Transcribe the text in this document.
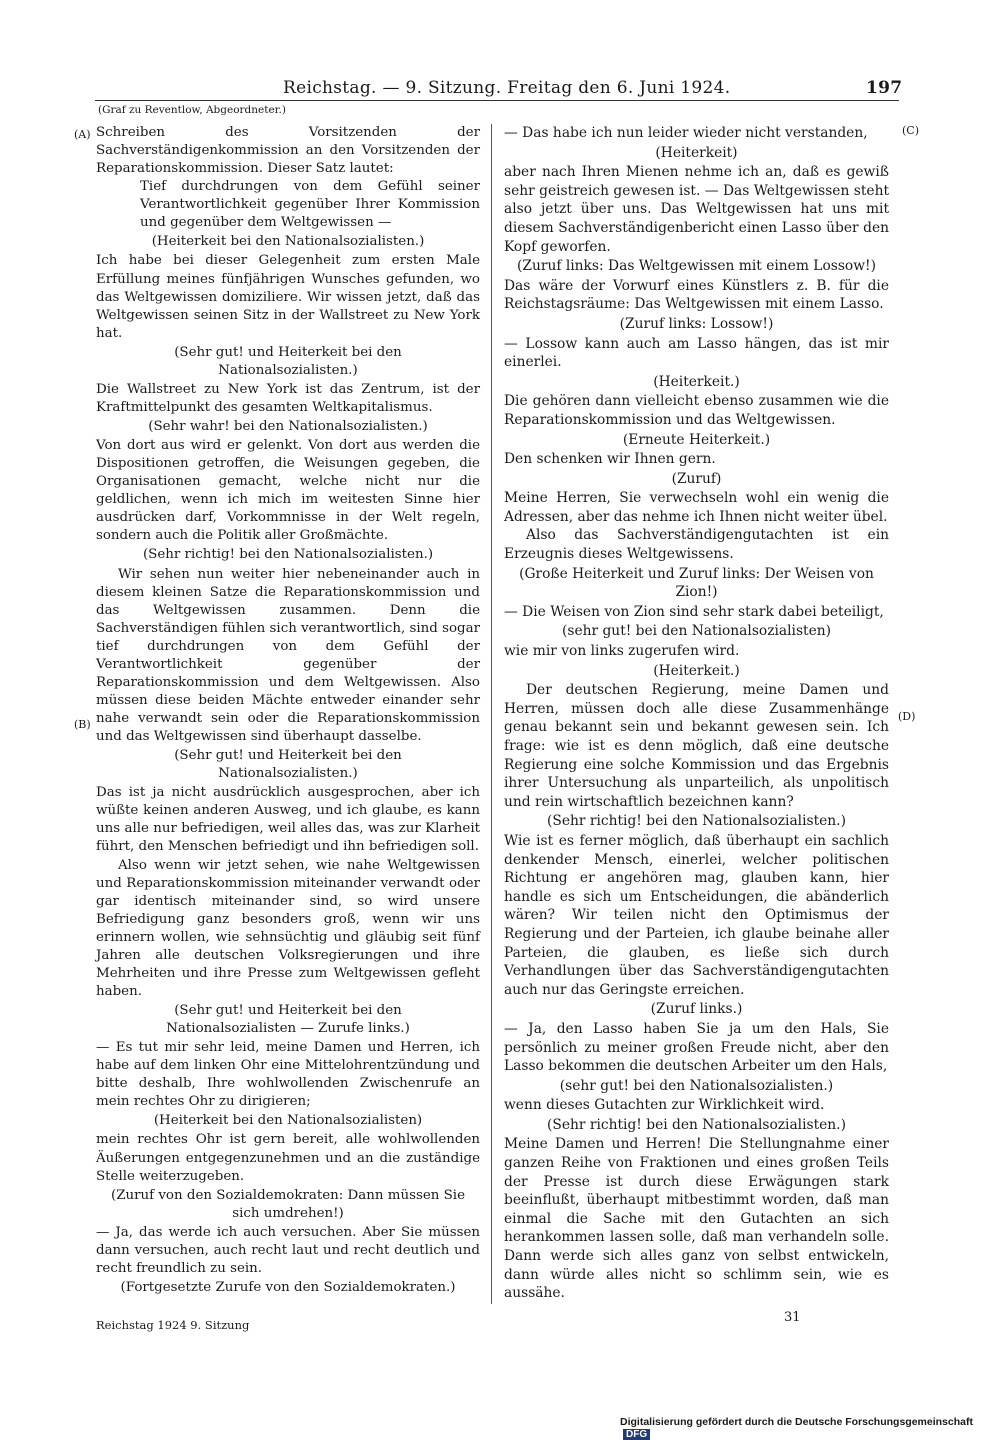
Reichstag. — 9. Sitzung. Freitag den 6. Juni 1924.	197
(Graf zu Reventlow, Abgeordneter.)
(A)
(B)
(C)
(D)

Schreiben des Vorsitzenden der Sachverständigenkommission an den Vorsitzenden der Reparationskommission. Dieser Satz lautet:

Tief durchdrungen von dem Gefühl seiner Verantwortlichkeit gegenüber Ihrer Kommission und gegenüber dem Weltgewissen —

(Heiterkeit bei den Nationalsozialisten.)

Ich habe bei dieser Gelegenheit zum ersten Male Erfüllung meines fünfjährigen Wunsches gefunden, wo das Weltgewissen domiziliere. Wir wissen jetzt, daß das Weltgewissen seinen Sitz in der Wallstreet zu New York hat.

(Sehr gut! und Heiterkeit bei den Nationalsozialisten.)

Die Wallstreet zu New York ist das Zentrum, ist der Kraftmittelpunkt des gesamten Weltkapitalismus.

(Sehr wahr! bei den Nationalsozialisten.)

Von dort aus wird er gelenkt. Von dort aus werden die Dispositionen getroffen, die Weisungen gegeben, die Organisationen gemacht, welche nicht nur die geldlichen, wenn ich mich im weitesten Sinne hier ausdrücken darf, Vorkommnisse in der Welt regeln, sondern auch die Politik aller Großmächte.

(Sehr richtig! bei den Nationalsozialisten.)

Wir sehen nun weiter hier nebeneinander auch in diesem kleinen Satze die Reparationskommission und das Weltgewissen zusammen. Denn die Sachverständigen fühlen sich verantwortlich, sind sogar tief durchdrungen von dem Gefühl der Verantwortlichkeit gegenüber der Reparationskommission und dem Weltgewissen. Also müssen diese beiden Mächte entweder einander sehr nahe verwandt sein oder die Reparationskommission und das Weltgewissen sind überhaupt dasselbe.

(Sehr gut! und Heiterkeit bei den Nationalsozialisten.)

Das ist ja nicht ausdrücklich ausgesprochen, aber ich wüßte keinen anderen Ausweg, und ich glaube, es kann uns alle nur befriedigen, weil alles das, was zur Klarheit führt, den Menschen befriedigt und ihn befriedigen soll.

Also wenn wir jetzt sehen, wie nahe Weltgewissen und Reparationskommission miteinander verwandt oder gar identisch miteinander sind, so wird unsere Befriedigung ganz besonders groß, wenn wir uns erinnern wollen, wie sehnsüchtig und gläubig seit fünf Jahren alle deutschen Volksregierungen und ihre Mehrheiten und ihre Presse zum Weltgewissen gefleht haben.

(Sehr gut! und Heiterkeit bei den Nationalsozialisten — Zurufe links.)

— Es tut mir sehr leid, meine Damen und Herren, ich habe auf dem linken Ohr eine Mittelohrentzündung und bitte deshalb, Ihre wohlwollenden Zwischenrufe an mein rechtes Ohr zu dirigieren;

(Heiterkeit bei den Nationalsozialisten)

mein rechtes Ohr ist gern bereit, alle wohlwollenden Äußerungen entgegenzunehmen und an die zuständige Stelle weiterzugeben.

(Zuruf von den Sozialdemokraten: Dann müssen Sie sich umdrehen!)

— Ja, das werde ich auch versuchen. Aber Sie müssen dann versuchen, auch recht laut und recht deutlich und recht freundlich zu sein.

(Fortgesetzte Zurufe von den Sozialdemokraten.)

— Das habe ich nun leider wieder nicht verstanden,

(Heiterkeit)

aber nach Ihren Mienen nehme ich an, daß es gewiß sehr geistreich gewesen ist. — Das Weltgewissen steht also jetzt über uns. Das Weltgewissen hat uns mit diesem Sachverständigenbericht einen Lasso über den Kopf geworfen.

(Zuruf links: Das Weltgewissen mit einem Lossow!)

Das wäre der Vorwurf eines Künstlers z. B. für die Reichstagsräume: Das Weltgewissen mit einem Lasso.

(Zuruf links: Lossow!)

— Lossow kann auch am Lasso hängen, das ist mir einerlei.

(Heiterkeit.)

Die gehören dann vielleicht ebenso zusammen wie die Reparationskommission und das Weltgewissen.

(Erneute Heiterkeit.)

Den schenken wir Ihnen gern.

(Zuruf)

Meine Herren, Sie verwechseln wohl ein wenig die Adressen, aber das nehme ich Ihnen nicht weiter übel.

Also das Sachverständigengutachten ist ein Erzeugnis dieses Weltgewissens.

(Große Heiterkeit und Zuruf links: Der Weisen von Zion!)

— Die Weisen von Zion sind sehr stark dabei beteiligt,

(sehr gut! bei den Nationalsozialisten)

wie mir von links zugerufen wird.

(Heiterkeit.)

Der deutschen Regierung, meine Damen und Herren, müssen doch alle diese Zusammenhänge genau bekannt sein und bekannt gewesen sein. Ich frage: wie ist es denn möglich, daß eine deutsche Regierung eine solche Kommission und das Ergebnis ihrer Untersuchung als unparteilich, als unpolitisch und rein wirtschaftlich bezeichnen kann?

(Sehr richtig! bei den Nationalsozialisten.)

Wie ist es ferner möglich, daß überhaupt ein sachlich denkender Mensch, einerlei, welcher politischen Richtung er angehören mag, glauben kann, hier handle es sich um Entscheidungen, die abänderlich wären? Wir teilen nicht den Optimismus der Regierung und der Parteien, ich glaube beinahe aller Parteien, die glauben, es ließe sich durch Verhandlungen über das Sachverständigengutachten auch nur das Geringste erreichen.

(Zuruf links.)

— Ja, den Lasso haben Sie ja um den Hals, Sie persönlich zu meiner großen Freude nicht, aber den Lasso bekommen die deutschen Arbeiter um den Hals,

(sehr gut! bei den Nationalsozialisten.)

wenn dieses Gutachten zur Wirklichkeit wird.

(Sehr richtig! bei den Nationalsozialisten.)

Meine Damen und Herren! Die Stellungnahme einer ganzen Reihe von Fraktionen und eines großen Teils der Presse ist durch diese Erwägungen stark beeinflußt, überhaupt mitbestimmt worden, daß man einmal die Sache mit den Gutachten an sich herankommen lassen solle, daß man verhandeln solle. Dann werde sich alles ganz von selbst entwickeln, dann würde alles nicht so schlimm sein, wie es aussähe.

Reichstag 1924 9. Sitzung	31
Digitalisierung gefördert durch die Deutsche Forschungsgemeinschaft DFG
